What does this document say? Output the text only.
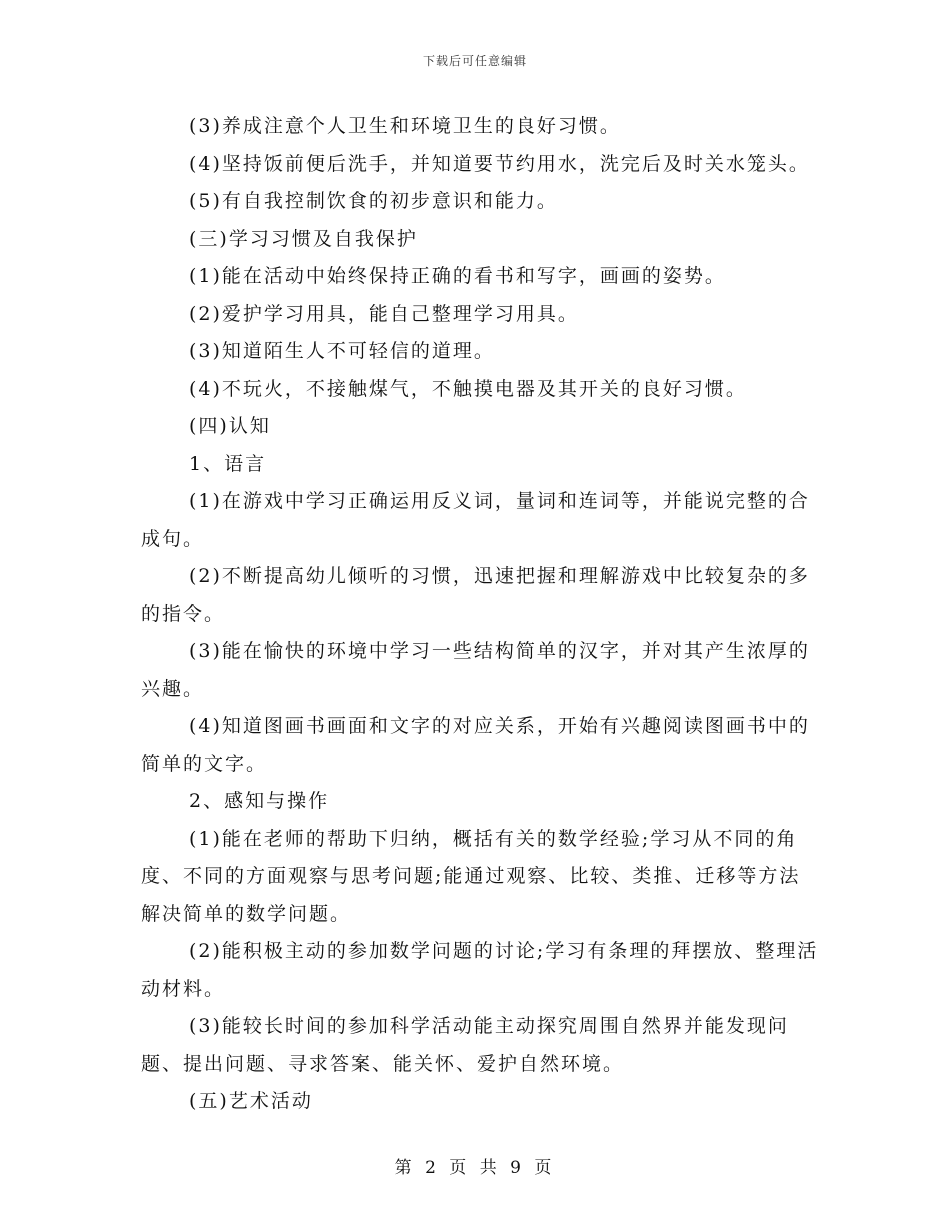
下载后可任意编辑

(3)养成注意个人卫生和环境卫生的良好习惯。

(4)坚持饭前便后洗手，并知道要节约用水，洗完后及时关水笼头。

(5)有自我控制饮食的初步意识和能力。

(三)学习习惯及自我保护

(1)能在活动中始终保持正确的看书和写字，画画的姿势。

(2)爱护学习用具，能自己整理学习用具。

(3)知道陌生人不可轻信的道理。

(4)不玩火，不接触煤气，不触摸电器及其开关的良好习惯。

(四)认知

1、语言

(1)在游戏中学习正确运用反义词，量词和连词等，并能说完整的合成句。

(2)不断提高幼儿倾听的习惯，迅速把握和理解游戏中比较复杂的多的指令。

(3)能在愉快的环境中学习一些结构简单的汉字，并对其产生浓厚的兴趣。

(4)知道图画书画面和文字的对应关系，开始有兴趣阅读图画书中的简单的文字。

2、感知与操作

(1)能在老师的帮助下归纳，概括有关的数学经验;学习从不同的角度、不同的方面观察与思考问题;能通过观察、比较、类推、迁移等方法解决简单的数学问题。

(2)能积极主动的参加数学问题的讨论;学习有条理的拜摆放、整理活动材料。

(3)能较长时间的参加科学活动能主动探究周围自然界并能发现问题、提出问题、寻求答案、能关怀、爱护自然环境。

(五)艺术活动

第 2 页 共 9 页
